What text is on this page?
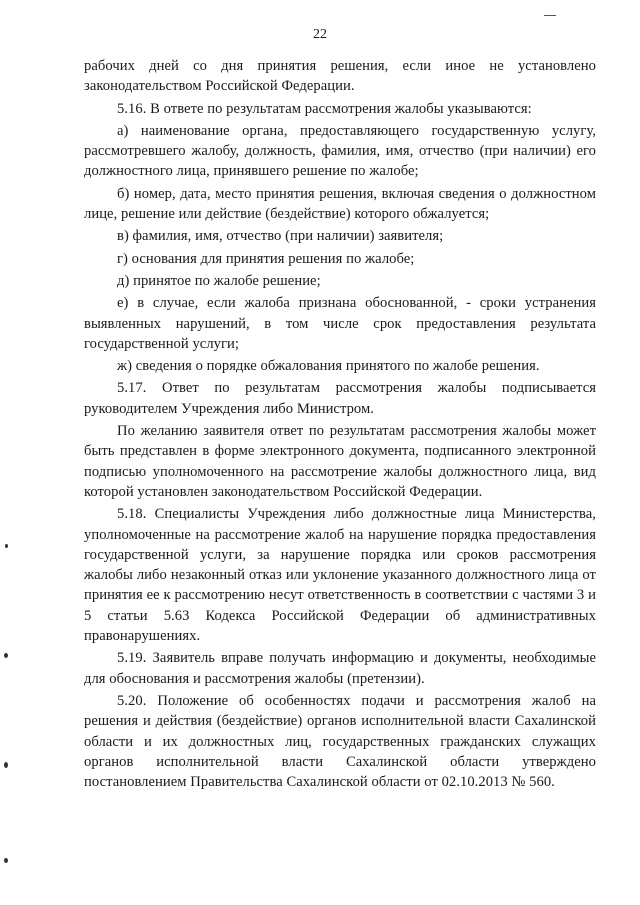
22

рабочих дней со дня принятия решения, если иное не установлено законодательством Российской Федерации.

5.16. В ответе по результатам рассмотрения жалобы указываются:

а) наименование органа, предоставляющего государственную услугу, рассмотревшего жалобу, должность, фамилия, имя, отчество (при наличии) его должностного лица, принявшего решение по жалобе;

б) номер, дата, место принятия решения, включая сведения о должностном лице, решение или действие (бездействие) которого обжалуется;

в) фамилия, имя, отчество (при наличии) заявителя;

г) основания для принятия решения по жалобе;

д) принятое по жалобе решение;

е) в случае, если жалоба признана обоснованной, - сроки устранения выявленных нарушений, в том числе срок предоставления результата государственной услуги;

ж) сведения о порядке обжалования принятого по жалобе решения.

5.17. Ответ по результатам рассмотрения жалобы подписывается руководителем Учреждения либо Министром.

По желанию заявителя ответ по результатам рассмотрения жалобы может быть представлен в форме электронного документа, подписанного электронной подписью уполномоченного на рассмотрение жалобы должностного лица, вид которой установлен законодательством Российской Федерации.

5.18. Специалисты Учреждения либо должностные лица Министерства, уполномоченные на рассмотрение жалоб на нарушение порядка предоставления государственной услуги, за нарушение порядка или сроков рассмотрения жалобы либо незаконный отказ или уклонение указанного должностного лица от принятия ее к рассмотрению несут ответственность в соответствии с частями 3 и 5 статьи 5.63 Кодекса Российской Федерации об административных правонарушениях.

5.19. Заявитель вправе получать информацию и документы, необходимые для обоснования и рассмотрения жалобы (претензии).

5.20. Положение об особенностях подачи и рассмотрения жалоб на решения и действия (бездействие) органов исполнительной власти Сахалинской области и их должностных лиц, государственных гражданских служащих органов исполнительной власти Сахалинской области утверждено постановлением Правительства Сахалинской области от 02.10.2013 № 560.
